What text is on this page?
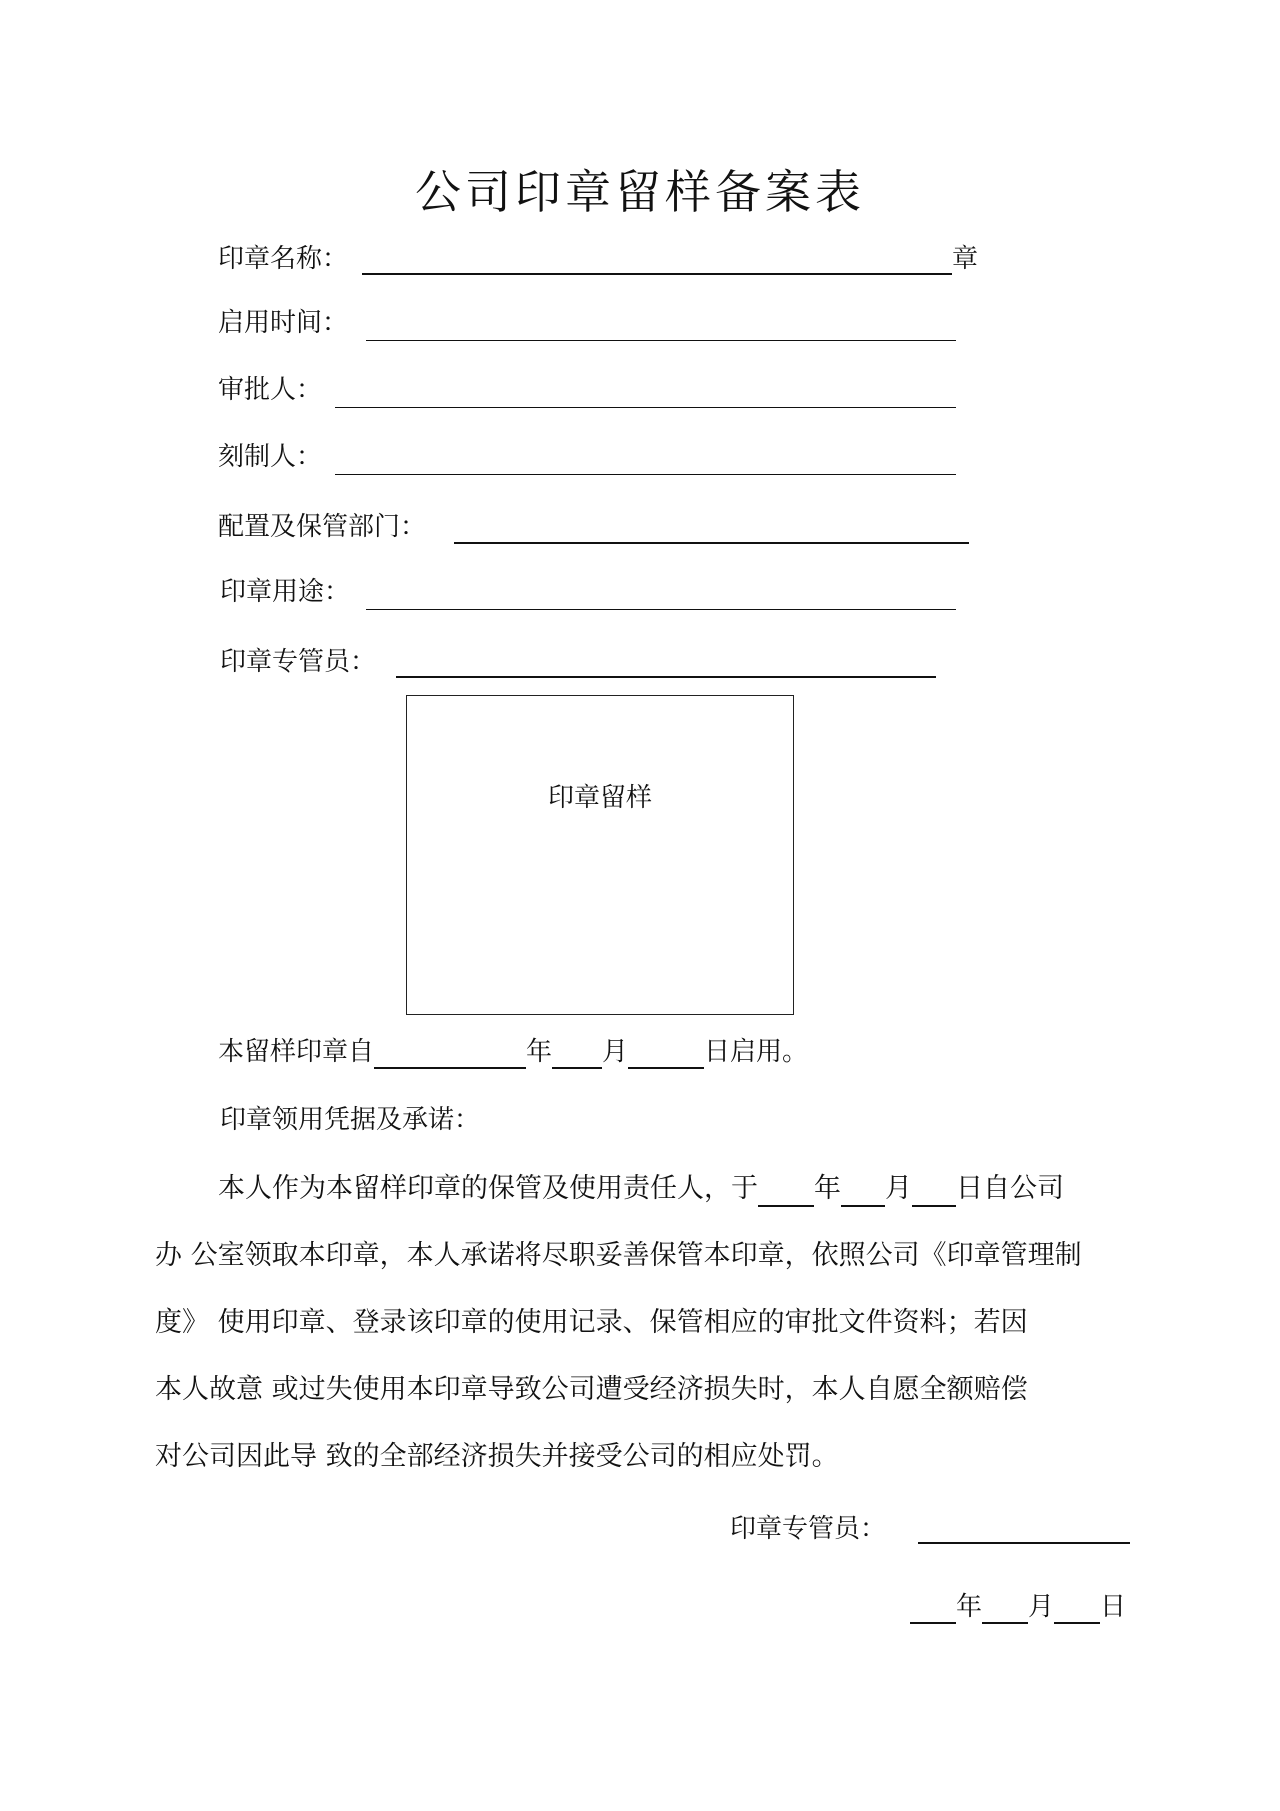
公司印章留样备案表
印章名称：	章
启用时间：
审批人：
刻制人：
配置及保管部门：
印章用途：
印章专管员：
印章留样
本留样印章自	年 月	日启用。
印章领用凭据及承诺：
本人作为本留样印章的保管及使用责任人，于 年 月 日自公司
办 公室领取本印章，本人承诺将尽职妥善保管本印章，依照公司《印章管理制
度》 使用印章、登录该印章的使用记录、保管相应的审批文件资料；若因
本人故意 或过失使用本印章导致公司遭受经济损失时，本人自愿全额赔偿
对公司因此导 致的全部经济损失并接受公司的相应处罚。
印章专管员：
年 月 日
